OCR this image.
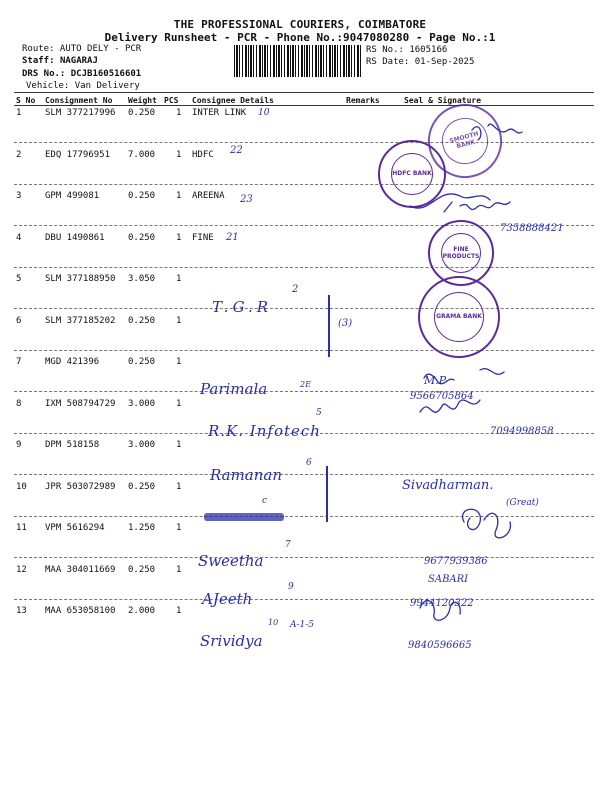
THE PROFESSIONAL COURIERS, COIMBATORE
Delivery Runsheet - PCR - Phone No.:9047080280 - Page No.:1
Route: AUTO DELY - PCR
Staff: NAGARAJ
DRS No.: DCJB160516601
Vehicle: Van Delivery
RS No.: 1605166
RS Date: 01-Sep-2025
S No Consignment No Weight PCS Consignee Details	Remarks	Seal & Signature
1	SLM 377217996 0.250 1 INTER LINK
2	EDQ 17796951 7.000 1 HDFC
3	GPM 499081	0.250 1 AREENA
4	DBU 1490861	0.250 1 FINE
5	SLM 377188950 3.050 1
6	SLM 377185202 0.250 1
7	MGD 421396	0.250 1
8	IXM 508794729 3.000 1
9	DPM 518158	3.000 1
10 JPR 503072989 0.250 1
11 VPM 5616294	1.250 1
12 MAA 304011669 0.250 1
13 MAA 653058100 2.000 1
SMOOTH BANK
HDFC BANK
FINE PRODUCTS
GRAMA BANK
10
22
23
21
T.G.R
2
(3)
Parimala	2E
R.K. Infotech
5
Ramanan
6
c
Sweetha
7
AJeeth
9
Srividya
10 A-1-5
M.P
9566705864
7358888421
7094998858
Sivadharman.
(Great)
9677939386
SABARI
9944120322
9840596665
